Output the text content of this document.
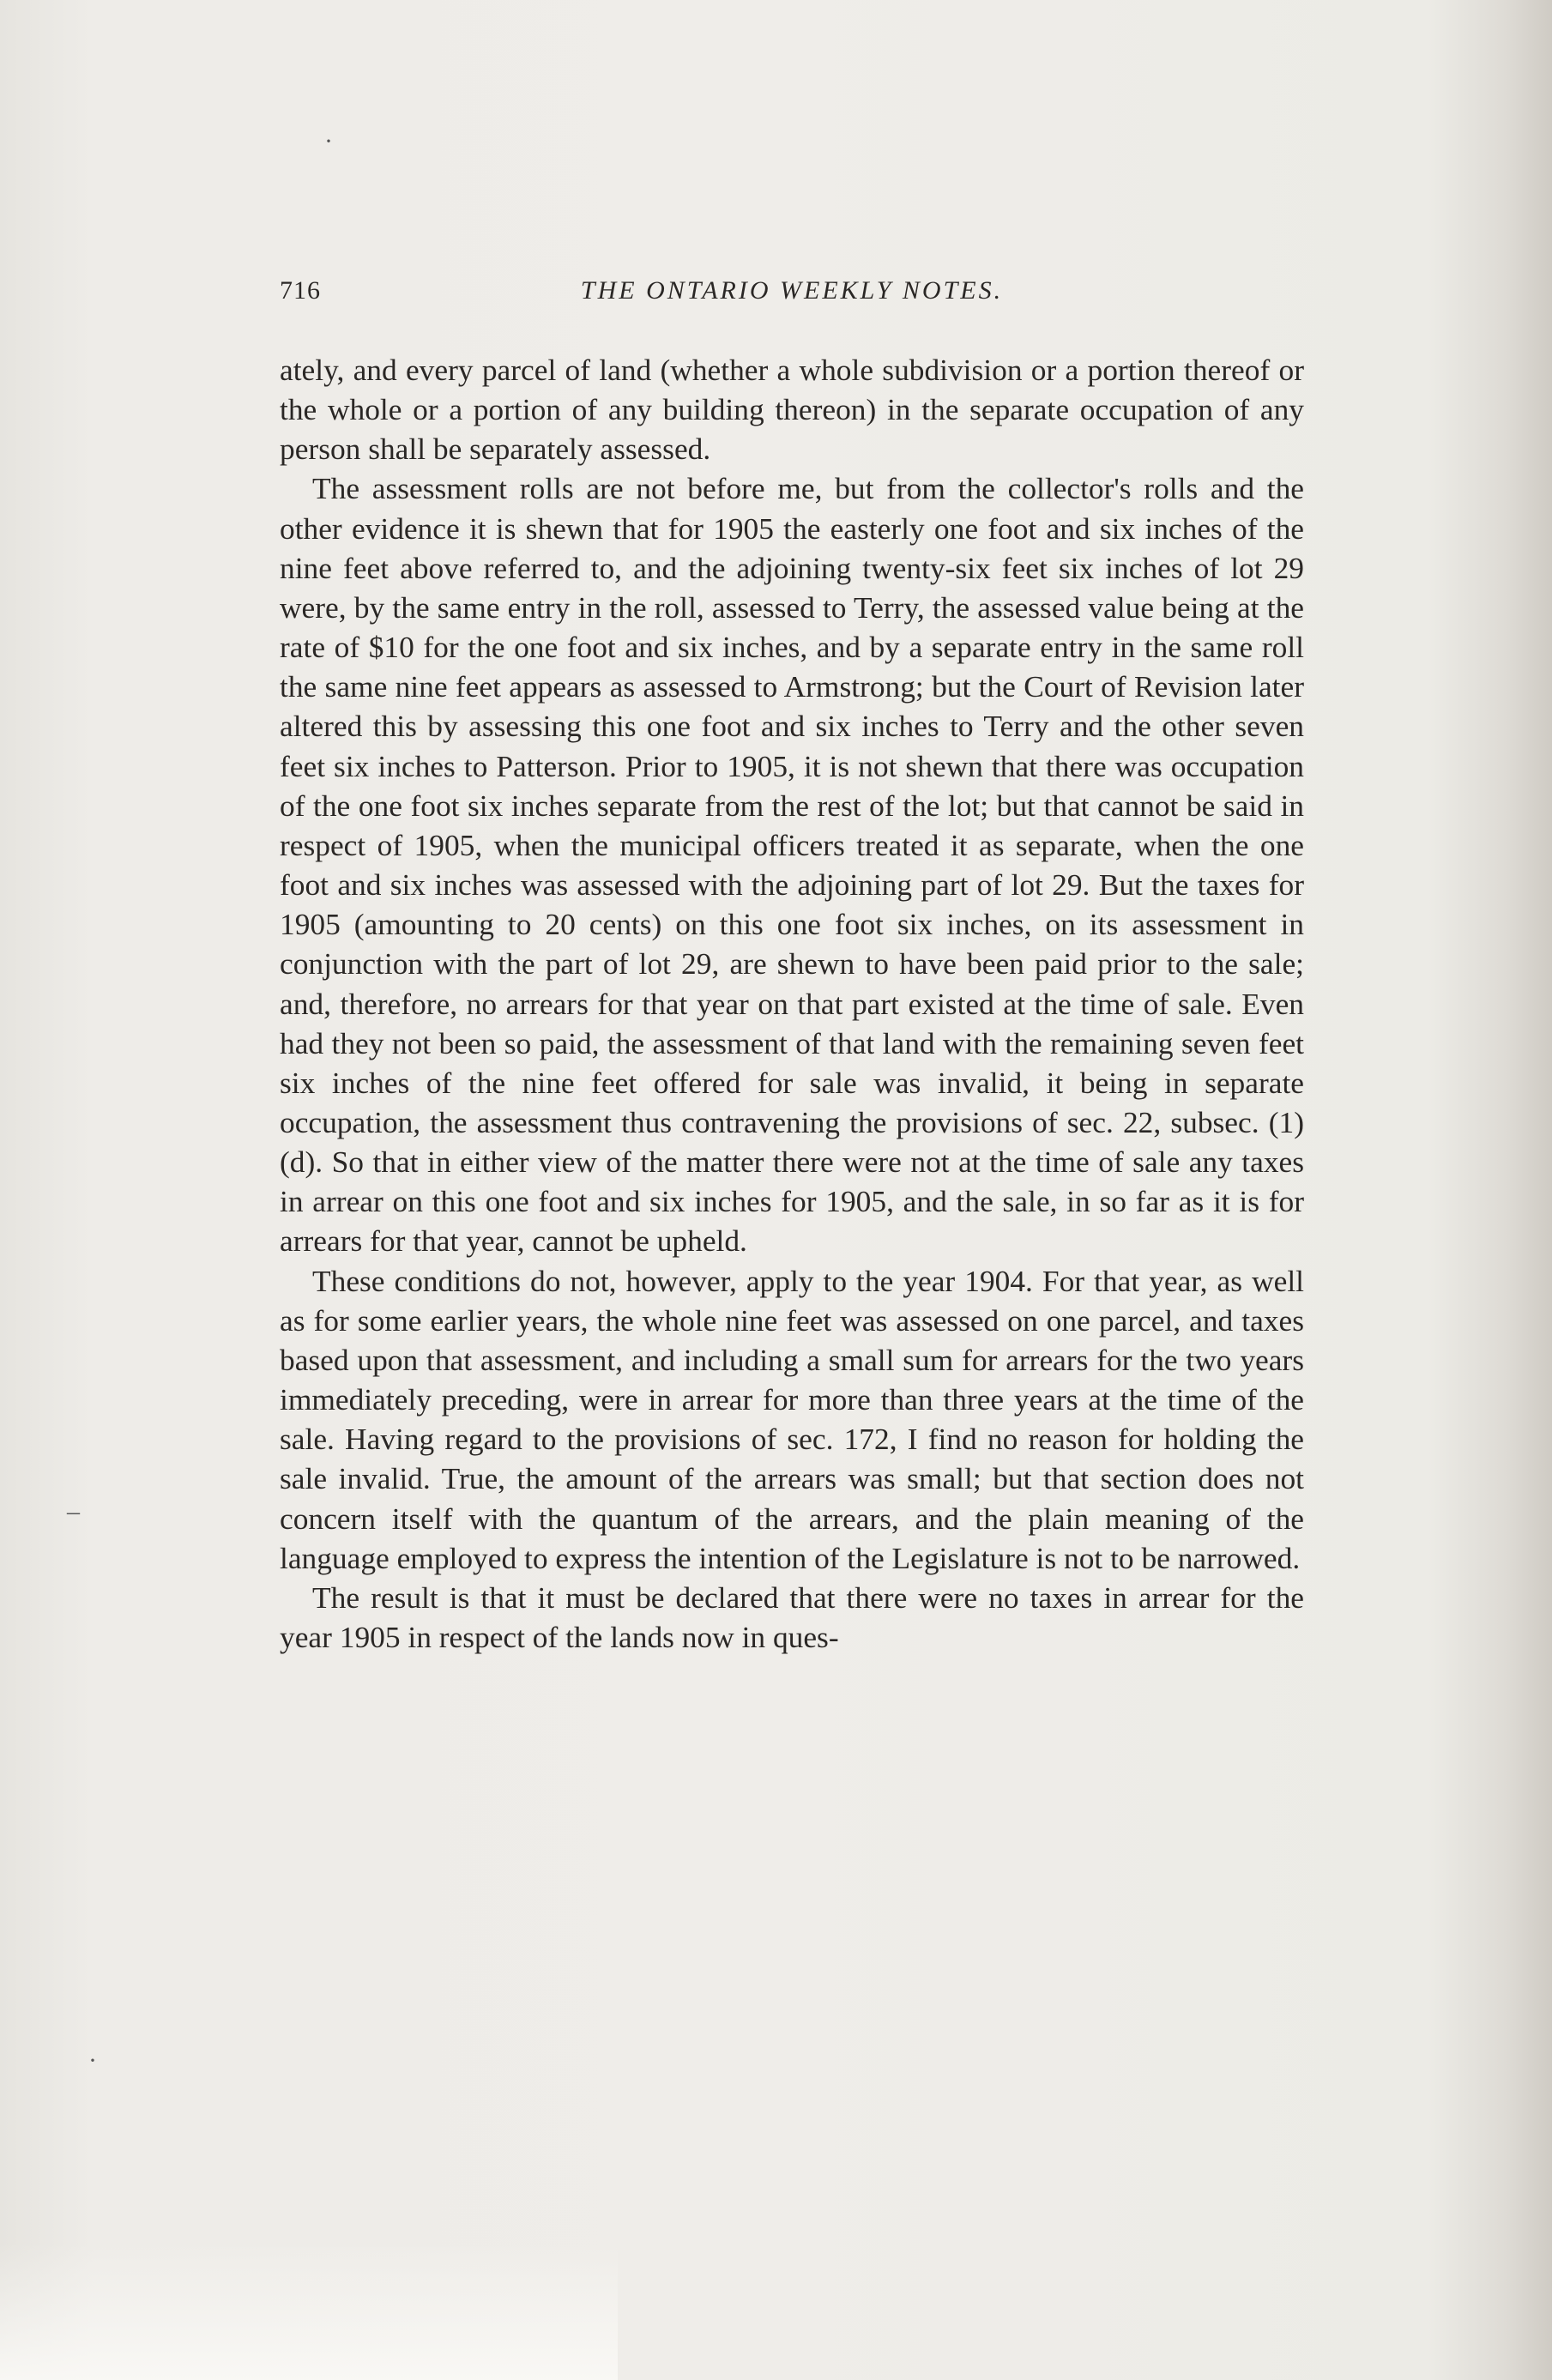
716	THE ONTARIO WEEKLY NOTES.

ately, and every parcel of land (whether a whole subdivision or a portion thereof or the whole or a portion of any building thereon) in the separate occupation of any person shall be separately assessed.

The assessment rolls are not before me, but from the collector's rolls and the other evidence it is shewn that for 1905 the easterly one foot and six inches of the nine feet above referred to, and the adjoining twenty-six feet six inches of lot 29 were, by the same entry in the roll, assessed to Terry, the assessed value being at the rate of $10 for the one foot and six inches, and by a separate entry in the same roll the same nine feet appears as assessed to Armstrong; but the Court of Revision later altered this by assessing this one foot and six inches to Terry and the other seven feet six inches to Patterson. Prior to 1905, it is not shewn that there was occupation of the one foot six inches separate from the rest of the lot; but that cannot be said in respect of 1905, when the municipal officers treated it as separate, when the one foot and six inches was assessed with the adjoining part of lot 29. But the taxes for 1905 (amounting to 20 cents) on this one foot six inches, on its assessment in conjunction with the part of lot 29, are shewn to have been paid prior to the sale; and, therefore, no arrears for that year on that part existed at the time of sale. Even had they not been so paid, the assessment of that land with the remaining seven feet six inches of the nine feet offered for sale was invalid, it being in separate occupation, the assessment thus contravening the provisions of sec. 22, subsec. (1) (d). So that in either view of the matter there were not at the time of sale any taxes in arrear on this one foot and six inches for 1905, and the sale, in so far as it is for arrears for that year, cannot be upheld.

These conditions do not, however, apply to the year 1904. For that year, as well as for some earlier years, the whole nine feet was assessed on one parcel, and taxes based upon that assessment, and including a small sum for arrears for the two years immediately preceding, were in arrear for more than three years at the time of the sale. Having regard to the provisions of sec. 172, I find no reason for holding the sale invalid. True, the amount of the arrears was small; but that section does not concern itself with the quantum of the arrears, and the plain meaning of the language employed to express the intention of the Legislature is not to be narrowed.

The result is that it must be declared that there were no taxes in arrear for the year 1905 in respect of the lands now in ques-

·
–
·
